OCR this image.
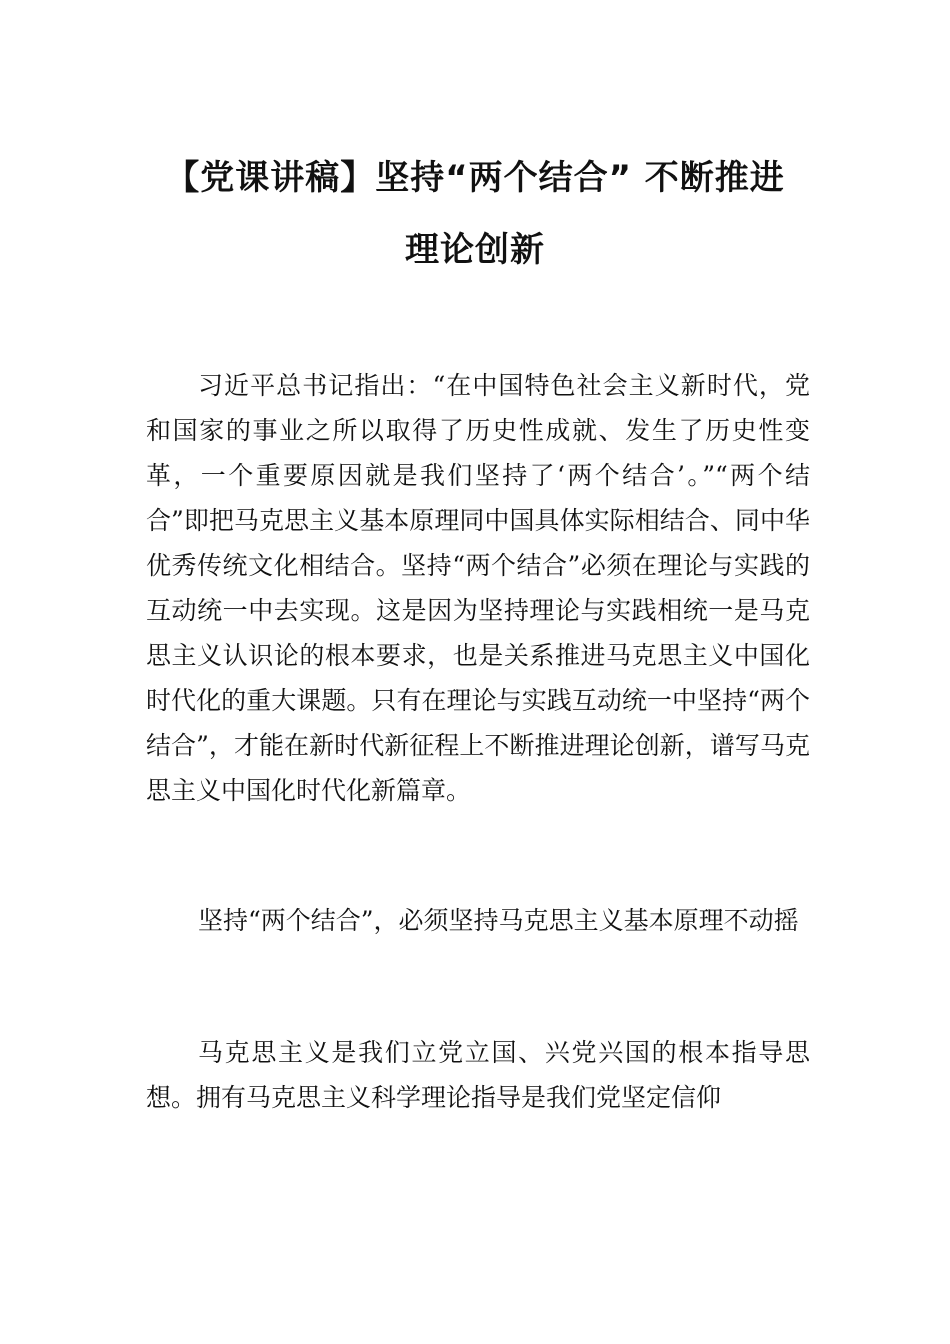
【党课讲稿】坚持“两个结合” 不断推进
理论创新

习近平总书记指出：“在中国特色社会主义新时代，党和国家的事业之所以取得了历史性成就、发生了历史性变革，一个重要原因就是我们坚持了‘两个结合’。”“两个结合”即把马克思主义基本原理同中国具体实际相结合、同中华优秀传统文化相结合。坚持“两个结合”必须在理论与实践的互动统一中去实现。这是因为坚持理论与实践相统一是马克思主义认识论的根本要求，也是关系推进马克思主义中国化时代化的重大课题。只有在理论与实践互动统一中坚持“两个结合”，才能在新时代新征程上不断推进理论创新，谱写马克思主义中国化时代化新篇章。

坚持“两个结合”，必须坚持马克思主义基本原理不动摇

马克思主义是我们立党立国、兴党兴国的根本指导思想。拥有马克思主义科学理论指导是我们党坚定信仰
